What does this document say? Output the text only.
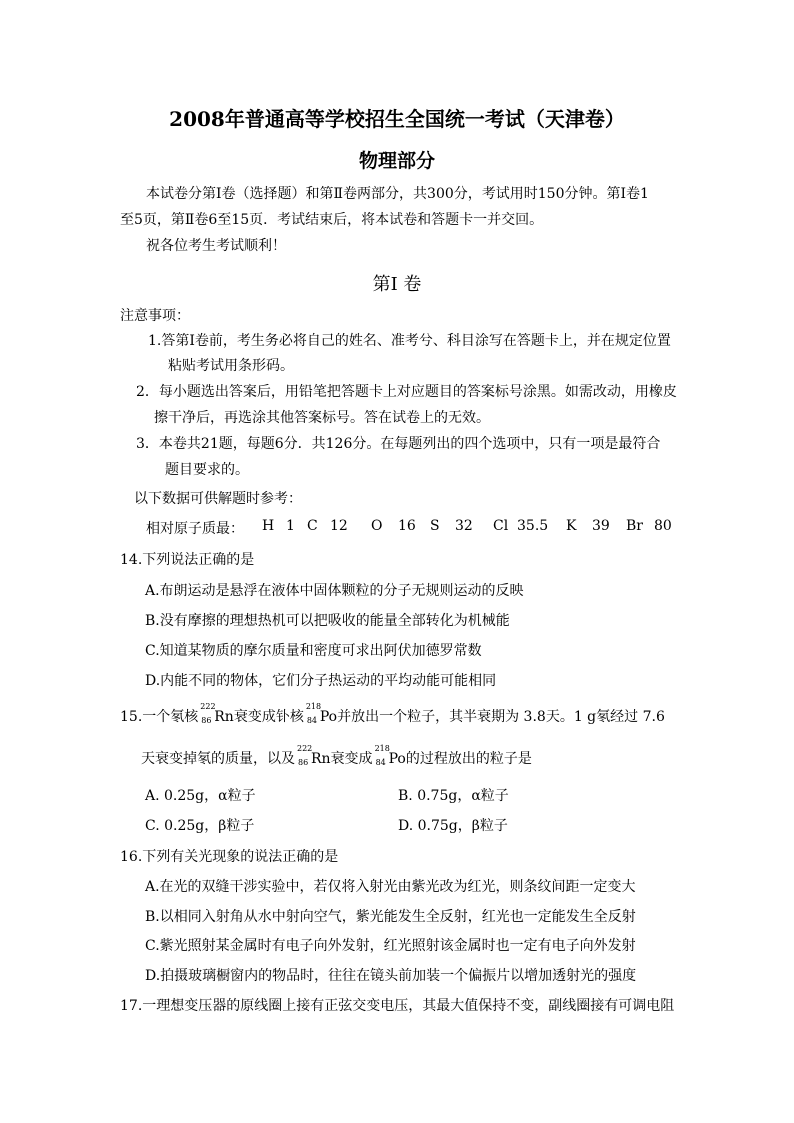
2008年普通高等学校招生全国统一考试（天津卷）
物理部分
本试卷分第Ⅰ卷（选择题）和第Ⅱ卷两部分，共300分，考试用时150分钟。第Ⅰ卷1
至5页，第Ⅱ卷6至15页．考试结束后，将本试卷和答题卡一并交回。
祝各位考生考试顺利！
第Ⅰ 卷
注意事项：
1.答第Ⅰ卷前，考生务必将自己的姓名、准考兮、科目涂写在答题卡上，并在规定位置
粘贴考试用条形码。
2．每小题选出答案后，用铅笔把答题卡上对应题目的答案标号涂黑。如需改动，用橡皮
擦干净后，再选涂其他答案标号。答在试卷上的无效。
3．本卷共21题，每题6分．共126分。在每题列出的四个选项中，只有一项是最符合
题目要求的。
以下数据可供解题时参考：
相对原子质最： H 1 C 12 O 16 S 32 Cl 35.5 K 39 Br 80
14.下列说法正确的是
A.布朗运动是悬浮在液体中固体颗粒的分子无规则运动的反映
B.没有摩擦的理想热机可以把吸收的能量全部转化为机械能
C.知道某物质的摩尔质量和密度可求出阿伏加德罗常数
D.内能不同的物体，它们分子热运动的平均动能可能相同
15.一个氡核
222
86 Rn衰变成钋核
218
84 Po并放出一个粒子，其半衰期为 3.8天。1 g氡经过 7.6
天衰变掉氡的质量，以及
222
86 Rn衰变成
218
84 Po的过程放出的粒子是
A. 0.25g，α粒子	B. 0.75g，α粒子
C. 0.25g，β粒子	D. 0.75g，β粒子
16.下列有关光现象的说法正确的是
A.在光的双缝干涉实验中，若仅将入射光由紫光改为红光，则条纹间距一定变大
B.以相同入射角从水中射向空气，紫光能发生全反射，红光也一定能发生全反射
C.紫光照射某金属时有电子向外发射，红光照射该金属时也一定有电子向外发射
D.拍摄玻璃橱窗内的物品时，往往在镜头前加装一个偏振片以增加透射光的强度
17.一理想变压器的原线圈上接有正弦交变电压，其最大值保持不变，副线圈接有可调电阻
